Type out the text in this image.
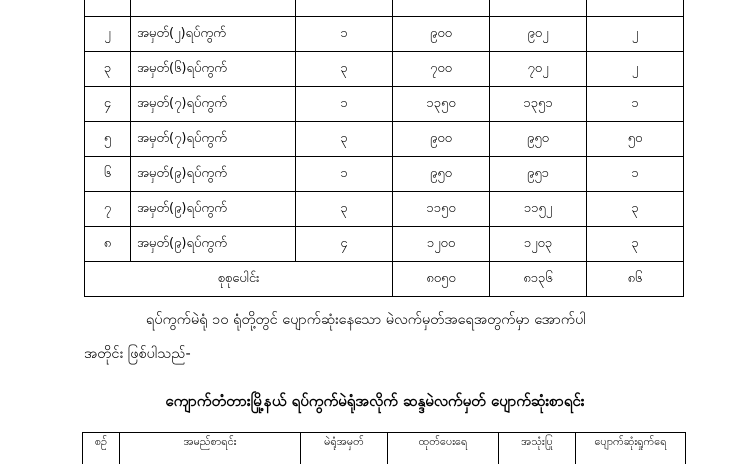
၂	အမှတ်(၂)ရပ်ကွက်	၁	၉၀၀	၉၀၂	၂
၃	အမှတ်(၆)ရပ်ကွက်	၃	၇၀၀	၇၀၂	၂
၄	အမှတ်(၇)ရပ်ကွက်	၁	၁၃၅၀	၁၃၅၁	၁
၅	အမှတ်(၇)ရပ်ကွက်	၃	၉၀၀	၉၅၀	၅၀
၆	အမှတ်(၉)ရပ်ကွက်	၁	၉၅၀	၉၅၁	၁
၇	အမှတ်(၉)ရပ်ကွက်	၃	၁၁၅၀	၁၁၅၂	၃
၈	အမှတ်(၉)ရပ်ကွက်	၄	၁၂၀၀	၁၂၀၃	၃
စုစုပေါင်း			၈၀၅၀	၈၁၃၆	၈၆
ရပ်ကွက်မဲရုံ ၁၀ ရုံတို့တွင် ပျောက်ဆုံးနေသော မဲလက်မှတ်အရေအတွက်မှာ အောက်ပါ
အတိုင်း ဖြစ်ပါသည်-
ကျောက်တံတားမြို့နယ် ရပ်ကွက်မဲရုံအလိုက် ဆန္ဒမဲလက်မှတ် ပျောက်ဆုံးစာရင်း
စဉ်	အမည်စာရင်း	မဲရုံအမှတ်	ထုတ်ပေးရေ	အသုံးပြု	ပျောက်ဆုံးရှုက်ရေ
